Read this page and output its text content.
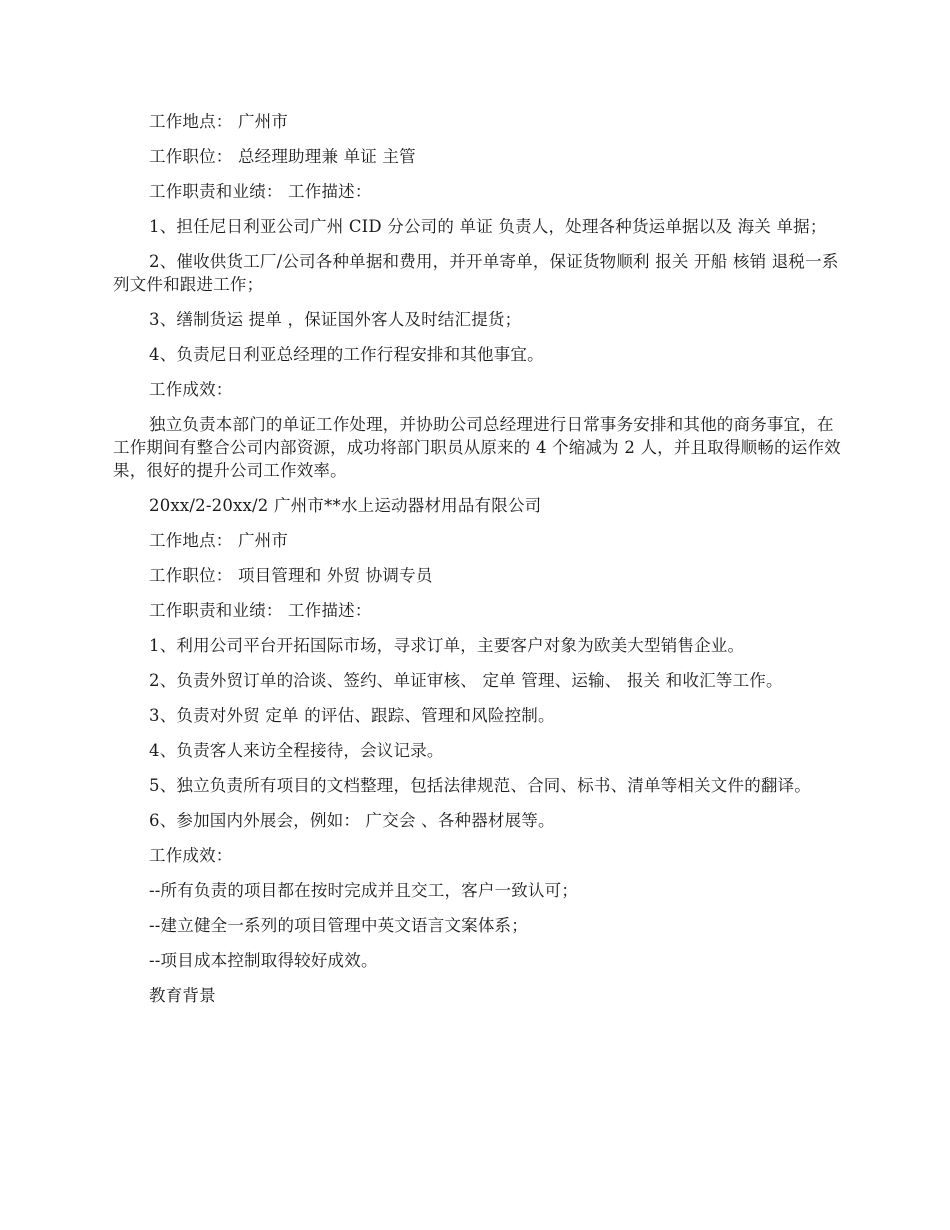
工作地点： 广州市

工作职位： 总经理助理兼 单证 主管

工作职责和业绩： 工作描述：

1、担任尼日利亚公司广州 CID 分公司的 单证 负责人，处理各种货运单据以及 海关 单据；

2、催收供货工厂/公司各种单据和费用，并开单寄单，保证货物顺利 报关 开船 核销 退税一系列文件和跟进工作；

3、缮制货运 提单 ，保证国外客人及时结汇提货；

4、负责尼日利亚总经理的工作行程安排和其他事宜。

工作成效：

独立负责本部门的单证工作处理，并协助公司总经理进行日常事务安排和其他的商务事宜，在工作期间有整合公司内部资源，成功将部门职员从原来的 4 个缩减为 2 人，并且取得顺畅的运作效果，很好的提升公司工作效率。

20xx/2-20xx/2 广州市**水上运动器材用品有限公司

工作地点： 广州市

工作职位： 项目管理和 外贸 协调专员

工作职责和业绩： 工作描述：

1、利用公司平台开拓国际市场，寻求订单，主要客户对象为欧美大型销售企业。

2、负责外贸订单的洽谈、签约、单证审核、 定单 管理、运输、 报关 和收汇等工作。

3、负责对外贸 定单 的评估、跟踪、管理和风险控制。

4、负责客人来访全程接待，会议记录。

5、独立负责所有项目的文档整理，包括法律规范、合同、标书、清单等相关文件的翻译。

6、参加国内外展会，例如： 广交会 、各种器材展等。

工作成效：

--所有负责的项目都在按时完成并且交工，客户一致认可；

--建立健全一系列的项目管理中英文语言文案体系；

--项目成本控制取得较好成效。

教育背景
